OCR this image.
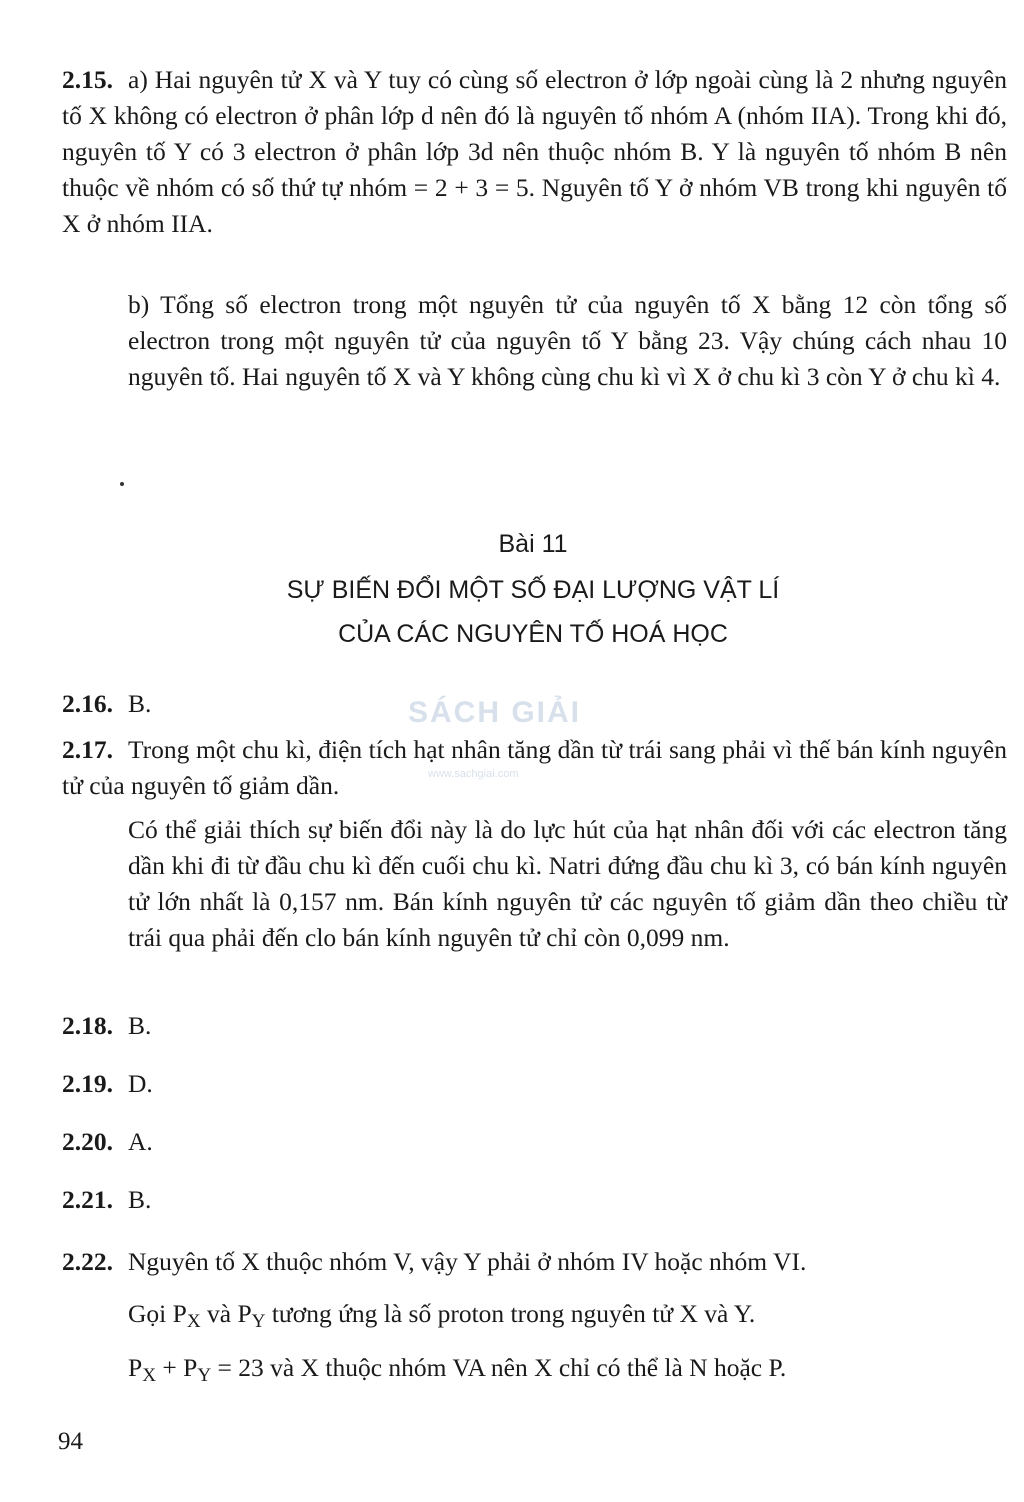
2.15. a) Hai nguyên tử X và Y tuy có cùng số electron ở lớp ngoài cùng là 2 nhưng nguyên tố X không có electron ở phân lớp d nên đó là nguyên tố nhóm A (nhóm IIA). Trong khi đó, nguyên tố Y có 3 electron ở phân lớp 3d nên thuộc nhóm B. Y là nguyên tố nhóm B nên thuộc về nhóm có số thứ tự nhóm = 2 + 3 = 5. Nguyên tố Y ở nhóm VB trong khi nguyên tố X ở nhóm IIA.
b) Tổng số electron trong một nguyên tử của nguyên tố X bằng 12 còn tổng số electron trong một nguyên tử của nguyên tố Y bằng 23. Vậy chúng cách nhau 10 nguyên tố. Hai nguyên tố X và Y không cùng chu kì vì X ở chu kì 3 còn Y ở chu kì 4.
Bài 11
SỰ BIẾN ĐỔI MỘT SỐ ĐẠI LƯỢNG VẬT LÍ
CỦA CÁC NGUYÊN TỐ HOÁ HỌC
2.16. B.	SÁCH GIẢI
www.sachgiai.com
2.17. Trong một chu kì, điện tích hạt nhân tăng dần từ trái sang phải vì thế bán kính nguyên tử của nguyên tố giảm dần.
Có thể giải thích sự biến đổi này là do lực hút của hạt nhân đối với các electron tăng dần khi đi từ đầu chu kì đến cuối chu kì. Natri đứng đầu chu kì 3, có bán kính nguyên tử lớn nhất là 0,157 nm. Bán kính nguyên tử các nguyên tố giảm dần theo chiều từ trái qua phải đến clo bán kính nguyên tử chỉ còn 0,099 nm.
2.18. B.
2.19. D.
2.20. A.
2.21. B.
2.22. Nguyên tố X thuộc nhóm V, vậy Y phải ở nhóm IV hoặc nhóm VI.
Gọi $P_X$ và $P_Y$ tương ứng là số proton trong nguyên tử X và Y.
$P_X + P_Y = 23$ và X thuộc nhóm VA nên X chỉ có thể là N hoặc P.
94
